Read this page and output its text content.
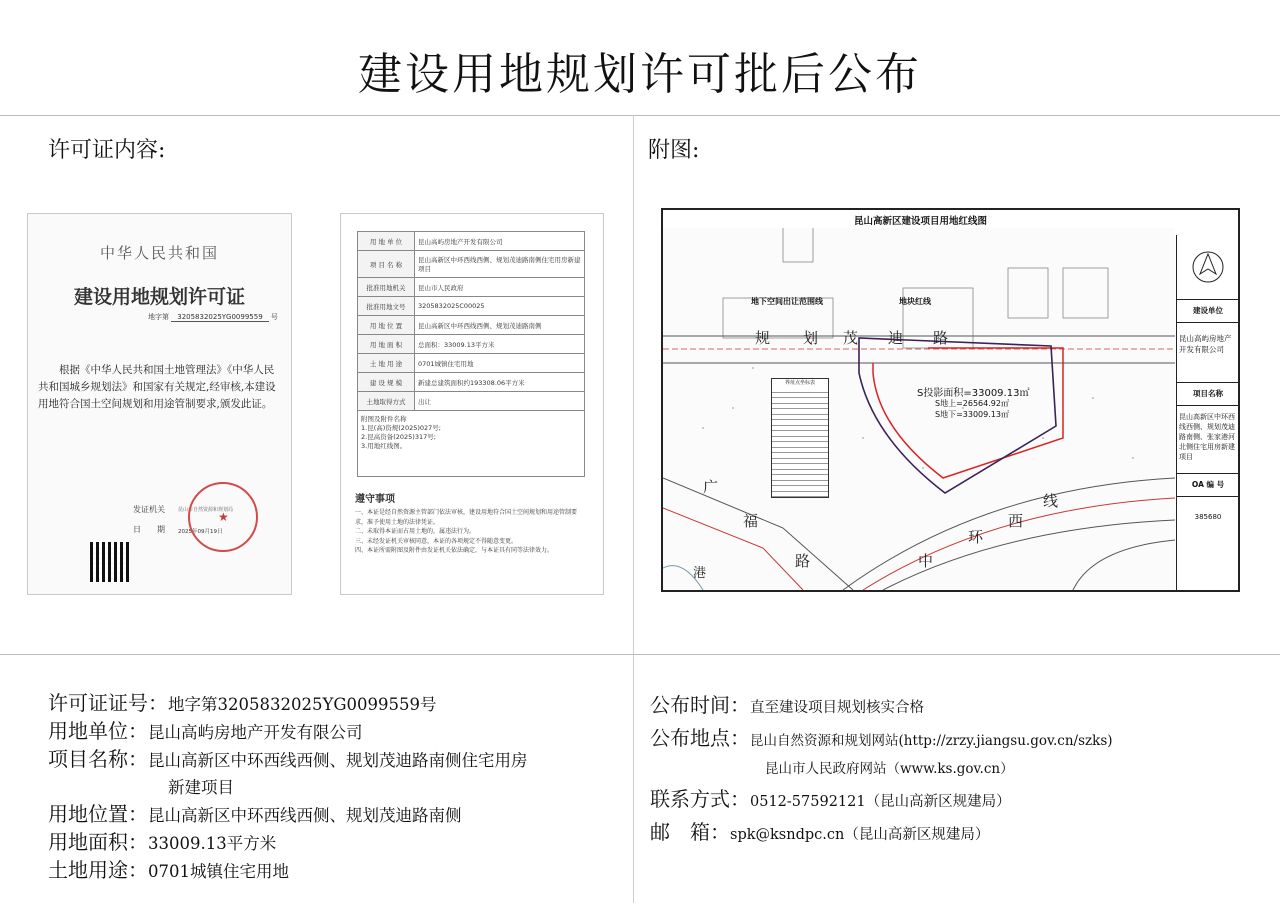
建设用地规划许可批后公布
许可证内容:	附图:
中华人民共和国
建设用地规划许可证
地字第 3205832025YG0099559 号
根据《中华人民共和国土地管理法》《中华人民共和国城乡规划法》和国家有关规定,经审核,本建设用地符合国土空间规划和用途管制要求,颁发此证。
发证机关
日　　期
昆山市自然资源和规划局
2025年09月19日
★
用 地 单 位	昆山高屿房地产开发有限公司
项 目 名 称	昆山高新区中环西线西侧、规划茂迪路南侧住宅用房新建项目
批准用地机关	昆山市人民政府
批准用地文号	3205832025C00025
用 地 位 置	昆山高新区中环西线西侧、规划茂迪路南侧
用 地 面 积	总面积：33009.13平方米
土 地 用 途	0701城镇住宅用地
建 设 规 模	新建总建筑面积约193308.06平方米
土地取得方式	出让

附图及附件名称
1.昆(高)资规(2025)027号;
2.昆高资备(2025)317号;
3.用地红线图。	
遵守事项
一、本证是经自然资源主管部门依法审核，建设用地符合国土空间规划和用途管制要求，准予使用土地的法律凭证。
二、未取得本证而占用土地的，属违法行为。
三、未经发证机关审核同意，本证的各项规定不得随意变更。
四、本证所需附图及附件由发证机关依法确定，与本证具有同等法律效力。
昆山高新区建设项目用地红线图
地下空间出让范围线	地块红线
规 划 茂 迪 路
广
福
路	中
环
西
线
港
S投影面积=33009.13㎡
S地上=26564.92㎡
S地下=33009.13㎡
界址点坐标表
建设单位
昆山高屿房地产开发有限公司
项目名称
昆山高新区中环西线西侧、规划茂迪路南侧、张家港河北侧住宅用房新建项目
OA 编 号
385680
许可证证号：地字第3205832025YG0099559号
用地单位：昆山高屿房地产开发有限公司
项目名称：昆山高新区中环西线西侧、规划茂迪路南侧住宅用房
新建项目
用地位置：昆山高新区中环西线西侧、规划茂迪路南侧
用地面积：33009.13平方米
土地用途：0701城镇住宅用地
公布时间：直至建设项目规划核实合格
公布地点：昆山自然资源和规划网站(http://zrzy.jiangsu.gov.cn/szks)
昆山市人民政府网站（www.ks.gov.cn）
联系方式：0512-57592121（昆山高新区规建局）
邮　箱：spk@ksndpc.cn（昆山高新区规建局）
